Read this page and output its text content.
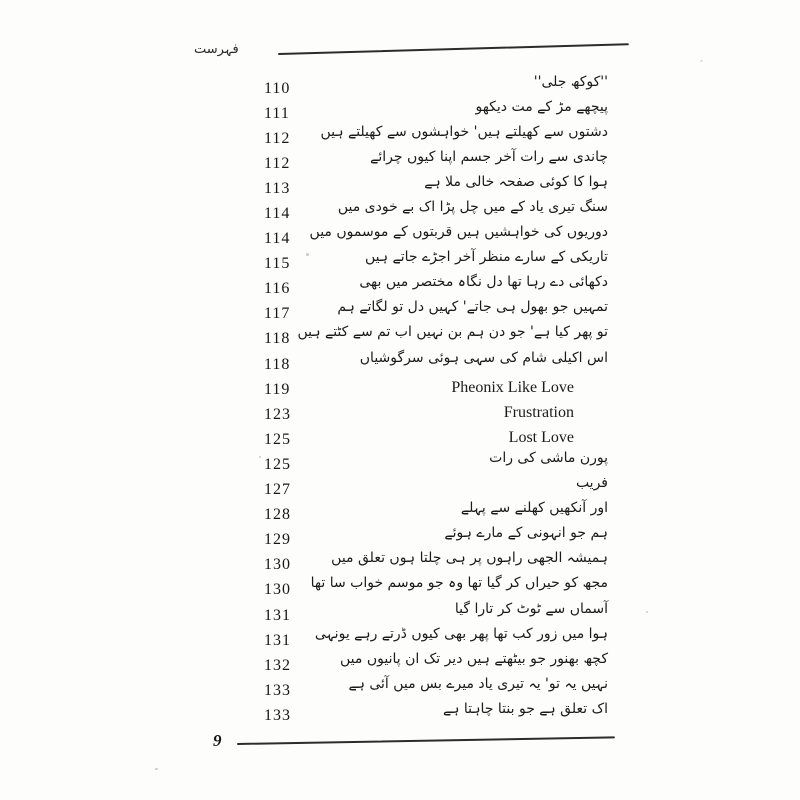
فہرست
110	''کوکھ جلی''
111	پیچھے مڑ کے مت دیکھو
112 دشتوں سے کھیلتے ہیں' خواہشوں سے کھیلتے ہیں
112	چاندی سے رات آخر جسم اپنا کیوں چرائے
113	ہوا کا کوئی صفحہ خالی ملا ہے
114	سنگ تیری یاد کے میں چل پڑا اک بے خودی میں
114 دوریوں کی خواہشیں ہیں قربتوں کے موسموں میں
115	تاریکی کے سارے منظر آخر اجڑے جاتے ہیں
116	دکھائی دے رہا تھا دل نگاہ مختصر میں بھی
117	تمہیں جو بھول ہی جاتے' کہیں دل تو لگاتے ہم
118 تو پھر کیا ہے' جو دن ہم بن نہیں اب تم سے کٹتے ہیں
118	اس اکیلی شام کی سہی ہوئی سرگوشیاں
119	Pheonix Like Love
123	Frustration
125	Lost Love
125	پورن ماشی کی رات
127	فریب
128	اور آنکھیں کھلنے سے پہلے
129	ہم جو انہونی کے مارے ہوئے
130	ہمیشہ الجھی راہوں پر ہی چلتا ہوں تعلق میں
130 مجھ کو حیراں کر گیا تھا وہ جو موسم خواب سا تھا
131	آسماں سے ٹوٹ کر تارا گیا
131 ہوا میں زور کب تھا پھر بھی کیوں ڈرتے رہے یونہی
132	کچھ بھنور جو بیٹھتے ہیں دیر تک ان پانیوں میں
133	نہیں یہ تو' یہ تیری یاد میرے بس میں آئی ہے
133	اک تعلق ہے جو بنتا چاہتا ہے
9
